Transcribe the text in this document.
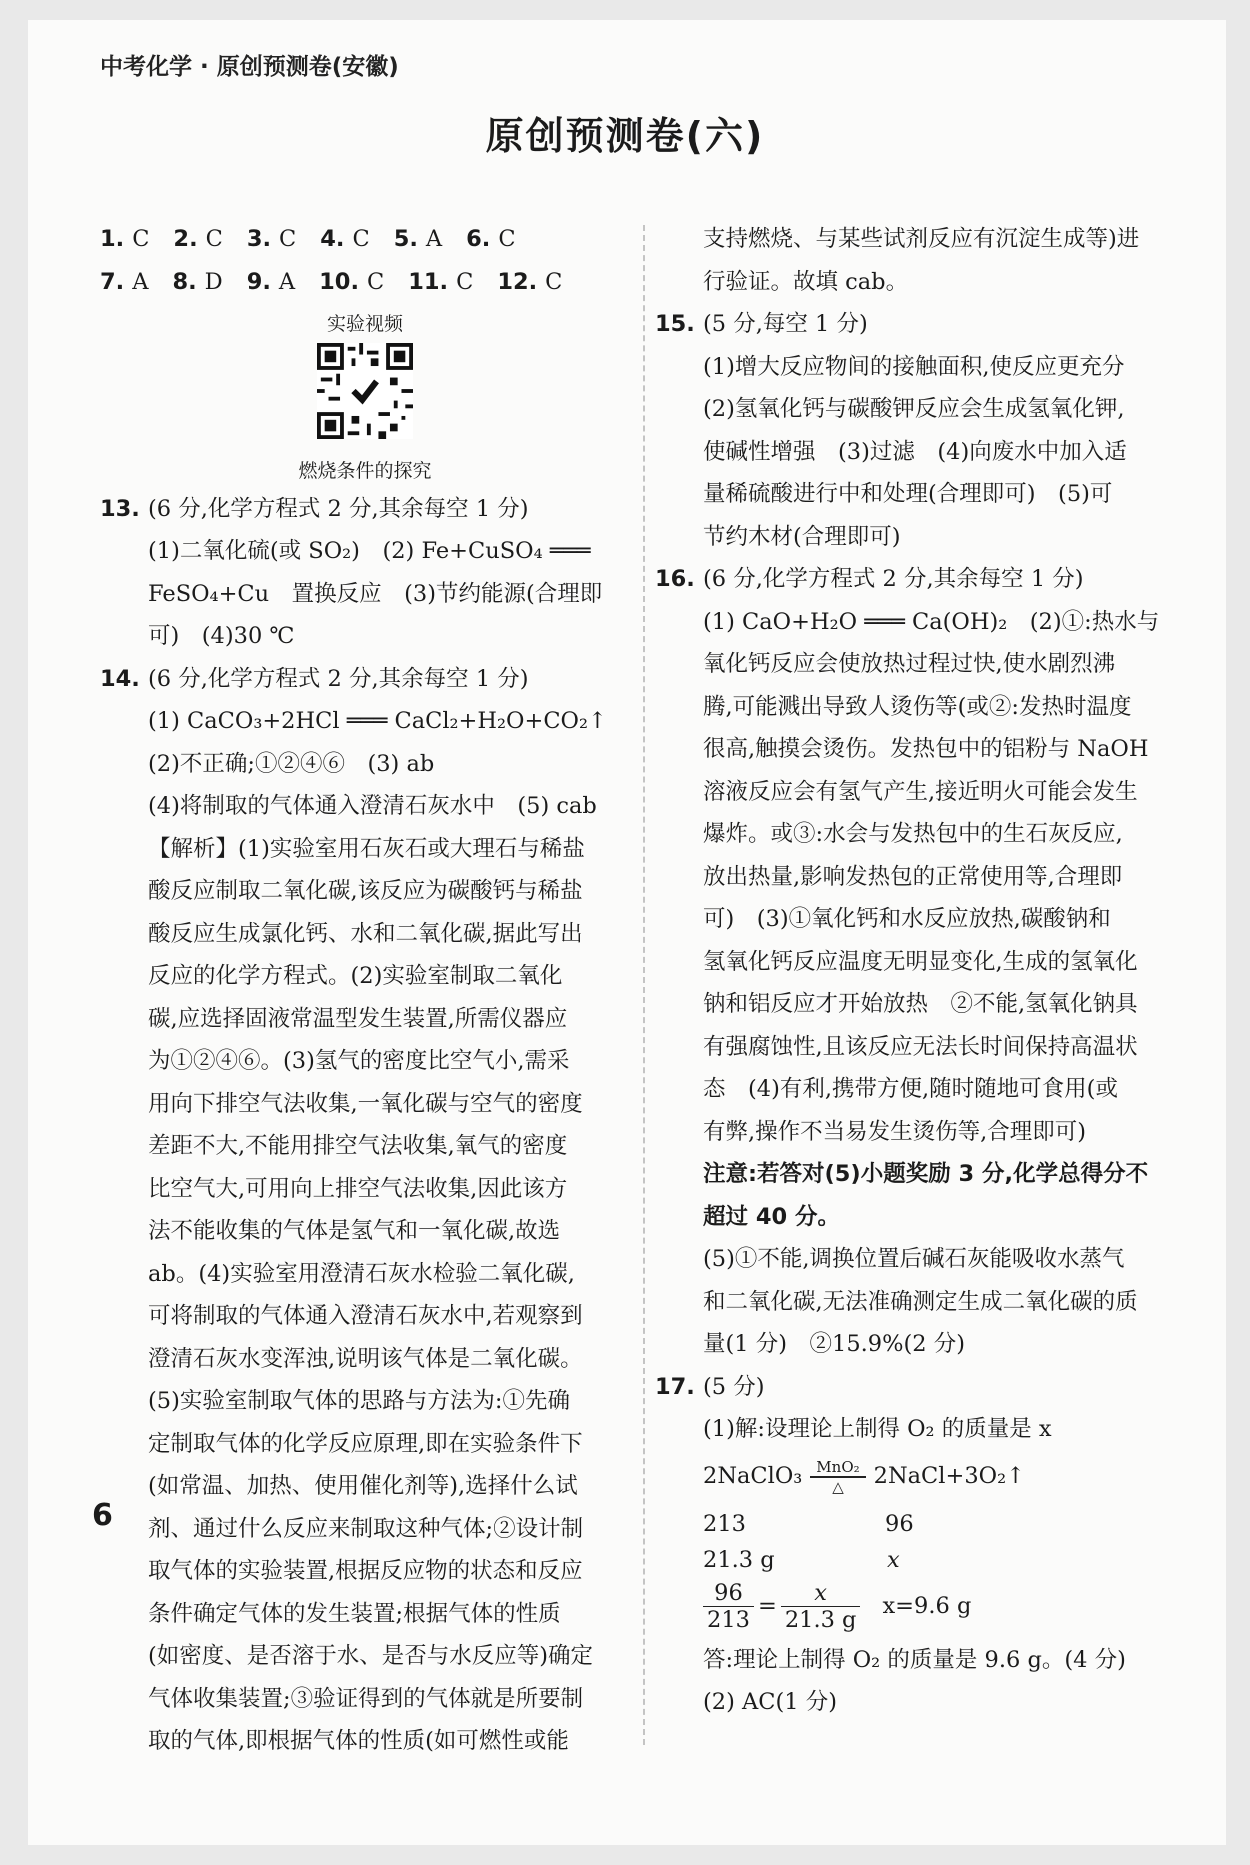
中考化学 · 原创预测卷(安徽)
原创预测卷(六)
1. C 2. C 3. C 4. C 5. A 6. C
7. A 8. D 9. A 10. C 11. C 12. C
实验视频
燃烧条件的探究
13. (6 分,化学方程式 2 分,其余每空 1 分)
(1)二氧化硫(或 SO₂)　(2) Fe+CuSO₄ ═══
FeSO₄+Cu　置换反应　(3)节约能源(合理即
可)　(4)30 ℃
14. (6 分,化学方程式 2 分,其余每空 1 分)
(1) CaCO₃+2HCl ═══ CaCl₂+H₂O+CO₂↑
(2)不正确;①②④⑥　(3) ab
(4)将制取的气体通入澄清石灰水中　(5) cab
【解析】(1)实验室用石灰石或大理石与稀盐
酸反应制取二氧化碳,该反应为碳酸钙与稀盐
酸反应生成氯化钙、水和二氧化碳,据此写出
反应的化学方程式。(2)实验室制取二氧化
碳,应选择固液常温型发生装置,所需仪器应
为①②④⑥。(3)氢气的密度比空气小,需采
用向下排空气法收集,一氧化碳与空气的密度
差距不大,不能用排空气法收集,氧气的密度
比空气大,可用向上排空气法收集,因此该方
法不能收集的气体是氢气和一氧化碳,故选
ab。(4)实验室用澄清石灰水检验二氧化碳,
可将制取的气体通入澄清石灰水中,若观察到
澄清石灰水变浑浊,说明该气体是二氧化碳。
(5)实验室制取气体的思路与方法为:①先确
定制取气体的化学反应原理,即在实验条件下
(如常温、加热、使用催化剂等),选择什么试
剂、通过什么反应来制取这种气体;②设计制
取气体的实验装置,根据反应物的状态和反应
条件确定气体的发生装置;根据气体的性质
(如密度、是否溶于水、是否与水反应等)确定
气体收集装置;③验证得到的气体就是所要制
取的气体,即根据气体的性质(如可燃性或能
支持燃烧、与某些试剂反应有沉淀生成等)进
行验证。故填 cab。
15. (5 分,每空 1 分)
(1)增大反应物间的接触面积,使反应更充分
(2)氢氧化钙与碳酸钾反应会生成氢氧化钾,
使碱性增强　(3)过滤　(4)向废水中加入适
量稀硫酸进行中和处理(合理即可)　(5)可
节约木材(合理即可)
16. (6 分,化学方程式 2 分,其余每空 1 分)
(1) CaO+H₂O ═══ Ca(OH)₂　(2)①:热水与
氧化钙反应会使放热过程过快,使水剧烈沸
腾,可能溅出导致人烫伤等(或②:发热时温度
很高,触摸会烫伤。发热包中的铝粉与 NaOH
溶液反应会有氢气产生,接近明火可能会发生
爆炸。或③:水会与发热包中的生石灰反应,
放出热量,影响发热包的正常使用等,合理即
可)　(3)①氧化钙和水反应放热,碳酸钠和
氢氧化钙反应温度无明显变化,生成的氢氧化
钠和铝反应才开始放热　②不能,氢氧化钠具
有强腐蚀性,且该反应无法长时间保持高温状
态　(4)有利,携带方便,随时随地可食用(或
有弊,操作不当易发生烫伤等,合理即可)
注意:若答对(5)小题奖励 3 分,化学总得分不
超过 40 分。
(5)①不能,调换位置后碱石灰能吸收水蒸气
和二氧化碳,无法准确测定生成二氧化碳的质
量(1 分)　②15.9%(2 分)
17. (5 分)
(1)解:设理论上制得 O₂ 的质量是 x
2NaClO₃ MnO₂
△	2NaCl+3O₂↑
213	96
21.3 g	x
$\frac{96}{213} = \frac{x}{21.3 g} x=9.6$ g
答:理论上制得 O₂ 的质量是 9.6 g。(4 分)
(2) AC(1 分)
6
